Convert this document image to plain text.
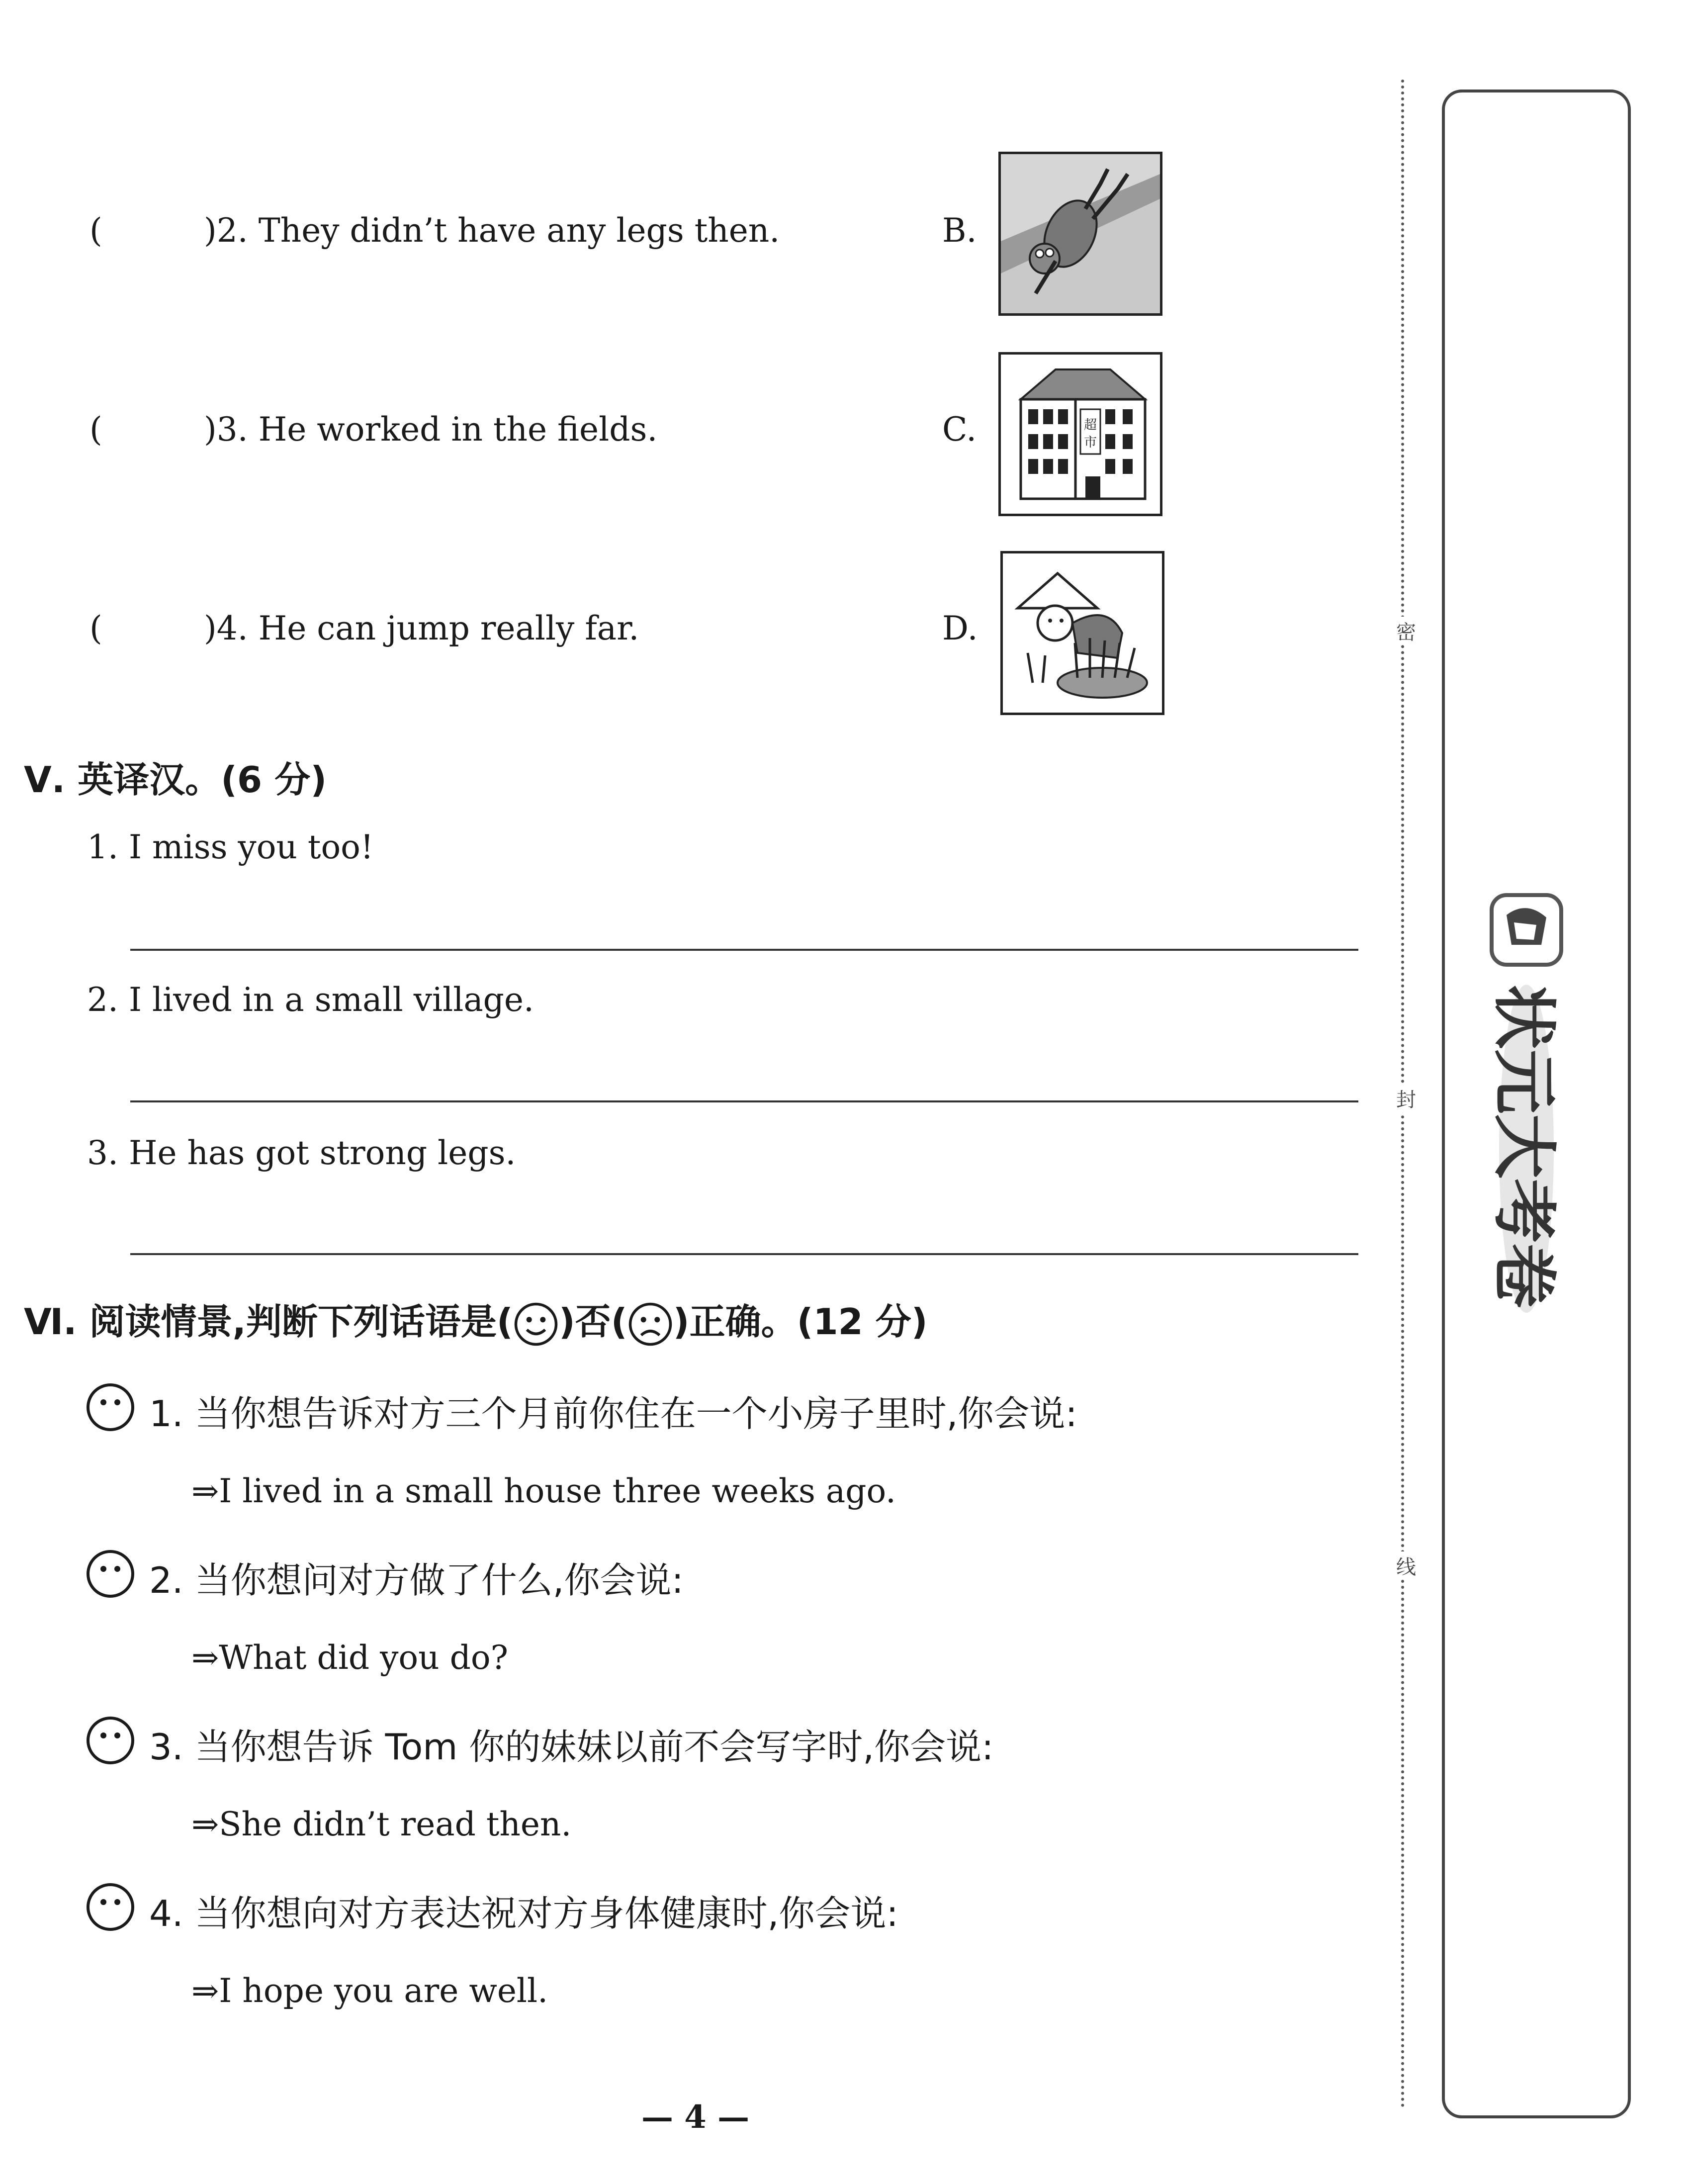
(	)2. They didn’t have any legs then.	B.
(	)3. He worked in the fields.	C.	超
市
(	)4. He can jump really far.	D.
Ⅴ. 英译汉。(6 分)
1. I miss you too!
2. I lived in a small village.
3. He has got strong legs.
Ⅵ. 阅读情景,判断下列话语是( )否( )正确。(12 分)
1. 当你想告诉对方三个月前你住在一个小房子里时,你会说:
⇒I lived in a small house three weeks ago.
2. 当你想问对方做了什么,你会说:
⇒What did you do?
3. 当你想告诉 Tom 你的妹妹以前不会写字时,你会说:
⇒She didn’t read then.
4. 当你想向对方表达祝对方身体健康时,你会说:
⇒I hope you are well.
密
封
线
状元大考卷
— 4 —
